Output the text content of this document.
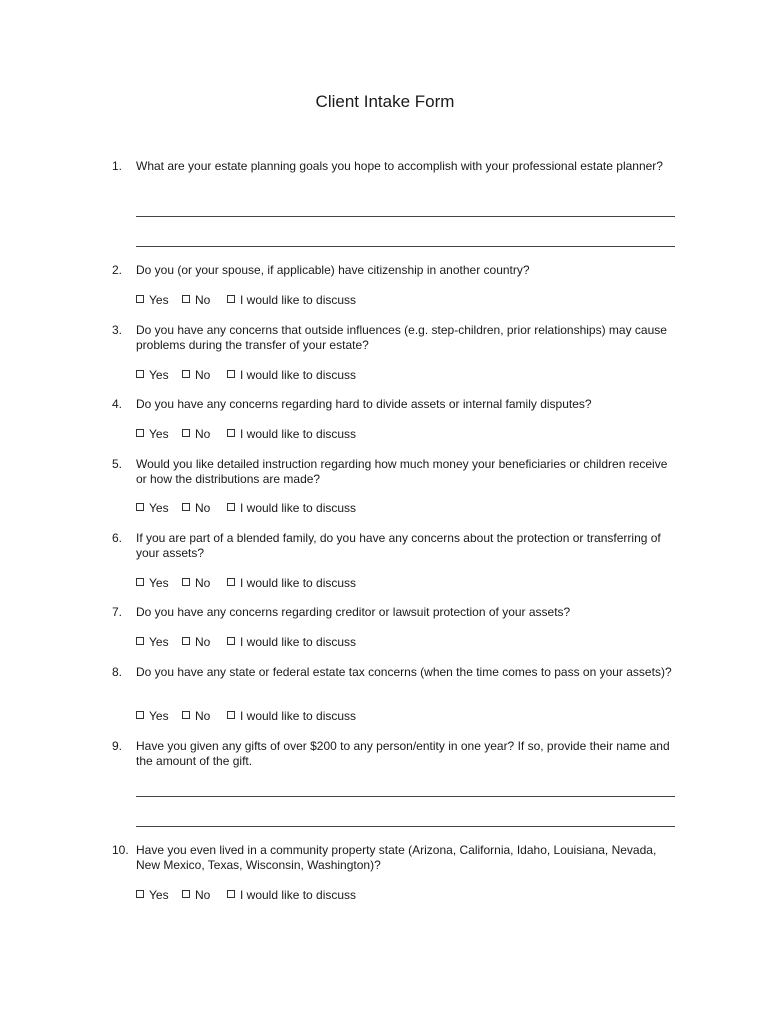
Client Intake Form
1.	What are your estate planning goals you hope to accomplish with your professional estate planner?
2.	Do you (or your spouse, if applicable) have citizenship in another country?
Yes	No	I would like to discuss
3.	Do you have any concerns that outside influences (e.g. step-children, prior relationships) may cause problems during the transfer of your estate?
Yes	No	I would like to discuss
4.	Do you have any concerns regarding hard to divide assets or internal family disputes?
Yes	No	I would like to discuss
5.	Would you like detailed instruction regarding how much money your beneficiaries or children receive or how the distributions are made?
Yes	No	I would like to discuss
6.	If you are part of a blended family, do you have any concerns about the protection or transferring of your assets?
Yes	No	I would like to discuss
7.	Do you have any concerns regarding creditor or lawsuit protection of your assets?
Yes	No	I would like to discuss
8.	Do you have any state or federal estate tax concerns (when the time comes to pass on your assets)?
Yes	No	I would like to discuss
9.	Have you given any gifts of over $200 to any person/entity in one year? If so, provide their name and the amount of the gift.
10. Have you even lived in a community property state (Arizona, California, Idaho, Louisiana, Nevada, New Mexico, Texas, Wisconsin, Washington)?
Yes	No	I would like to discuss
